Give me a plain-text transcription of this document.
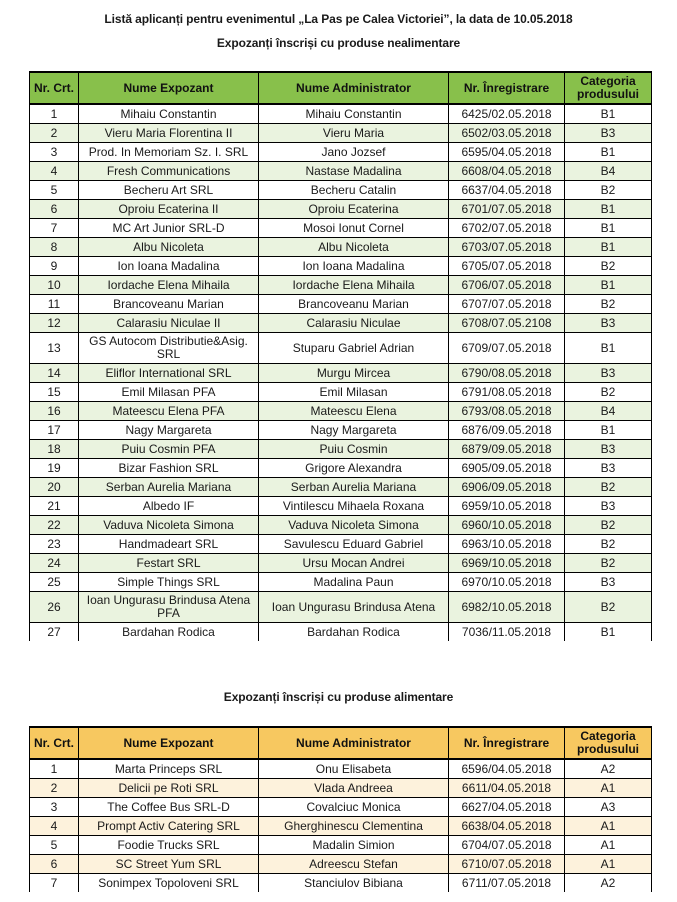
Listă aplicanți pentru evenimentul „La Pas pe Calea Victoriei”, la data de 10.05.2018
Expozanți înscriși cu produse nealimentare
Nr. Crt.	Nume Expozant	Nume Administrator	Nr. Înregistrare	Categoria produsului
1	Mihaiu Constantin	Mihaiu Constantin	6425/02.05.2018	B1
2	Vieru Maria Florentina II	Vieru Maria	6502/03.05.2018	B3
3	Prod. In Memoriam Sz. I. SRL	Jano Jozsef	6595/04.05.2018	B1
4	Fresh Communications	Nastase Madalina	6608/04.05.2018	B4
5	Becheru Art SRL	Becheru Catalin	6637/04.05.2018	B2
6	Oproiu Ecaterina II	Oproiu Ecaterina	6701/07.05.2018	B1
7	MC Art Junior SRL-D	Mosoi Ionut Cornel	6702/07.05.2018	B1
8	Albu Nicoleta	Albu Nicoleta	6703/07.05.2018	B1
9	Ion Ioana Madalina	Ion Ioana Madalina	6705/07.05.2018	B2
10	Iordache Elena Mihaila	Iordache Elena Mihaila	6706/07.05.2018	B1
11	Brancoveanu Marian	Brancoveanu Marian	6707/07.05.2018	B2
12	Calarasiu Niculae II	Calarasiu Niculae	6708/07.05.2108	B3
13	GS Autocom Distributie&Asig. SRL	Stuparu Gabriel Adrian	6709/07.05.2018	B1
14	Eliflor International SRL	Murgu Mircea	6790/08.05.2018	B3
15	Emil Milasan PFA	Emil Milasan	6791/08.05.2018	B2
16	Mateescu Elena PFA	Mateescu Elena	6793/08.05.2018	B4
17	Nagy Margareta	Nagy Margareta	6876/09.05.2018	B1
18	Puiu Cosmin PFA	Puiu Cosmin	6879/09.05.2018	B3
19	Bizar Fashion SRL	Grigore Alexandra	6905/09.05.2018	B3
20	Serban Aurelia Mariana	Serban Aurelia Mariana	6906/09.05.2018	B2
21	Albedo IF	Vintilescu Mihaela Roxana	6959/10.05.2018	B3
22	Vaduva Nicoleta Simona	Vaduva Nicoleta Simona	6960/10.05.2018	B2
23	Handmadeart SRL	Savulescu Eduard Gabriel	6963/10.05.2018	B2
24	Festart SRL	Ursu Mocan Andrei	6969/10.05.2018	B2
25	Simple Things SRL	Madalina Paun	6970/10.05.2018	B3
26	Ioan Ungurasu Brindusa Atena PFA	Ioan Ungurasu Brindusa Atena	6982/10.05.2018	B2
27	Bardahan Rodica	Bardahan Rodica	7036/11.05.2018	B1
Expozanți înscriși cu produse alimentare
Nr. Crt.	Nume Expozant	Nume Administrator	Nr. Înregistrare	Categoria produsului
1	Marta Princeps SRL	Onu Elisabeta	6596/04.05.2018	A2
2	Delicii pe Roti SRL	Vlada Andreea	6611/04.05.2018	A1
3	The Coffee Bus SRL-D	Covalciuc Monica	6627/04.05.2018	A3
4	Prompt Activ Catering SRL	Gherghinescu Clementina	6638/04.05.2018	A1
5	Foodie Trucks SRL	Madalin Simion	6704/07.05.2018	A1
6	SC Street Yum SRL	Adreescu Stefan	6710/07.05.2018	A1
7	Sonimpex Topoloveni SRL	Stanciulov Bibiana	6711/07.05.2018	A2
